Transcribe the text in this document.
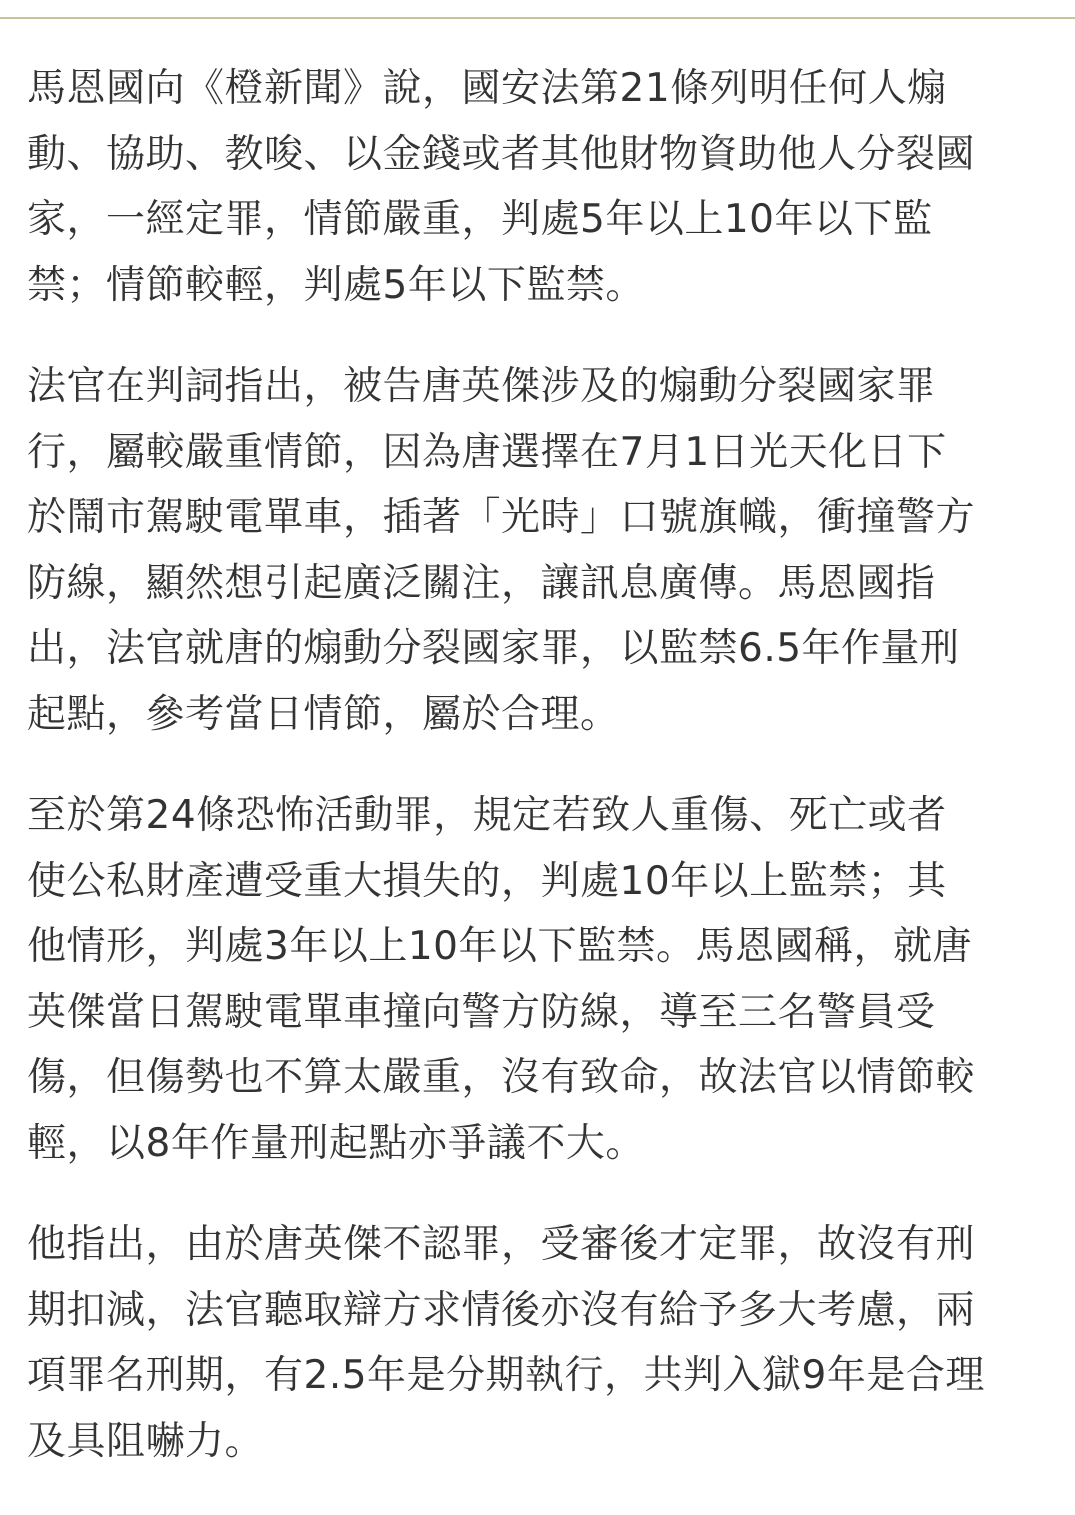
馬恩國向《橙新聞》說，國安法第21條列明任何人煽
動、協助、教唆、以金錢或者其他財物資助他人分裂國
家，一經定罪，情節嚴重，判處5年以上10年以下監
禁；情節較輕，判處5年以下監禁。

法官在判詞指出，被告唐英傑涉及的煽動分裂國家罪
行，屬較嚴重情節，因為唐選擇在7月1日光天化日下
於鬧市駕駛電單車，插著「光時」口號旗幟，衝撞警方
防線，顯然想引起廣泛關注，讓訊息廣傳。馬恩國指
出，法官就唐的煽動分裂國家罪，以監禁6.5年作量刑
起點，參考當日情節，屬於合理。

至於第24條恐怖活動罪，規定若致人重傷、死亡或者
使公私財產遭受重大損失的，判處10年以上監禁；其
他情形，判處3年以上10年以下監禁。馬恩國稱，就唐
英傑當日駕駛電單車撞向警方防線，導至三名警員受
傷，但傷勢也不算太嚴重，沒有致命，故法官以情節較
輕，以8年作量刑起點亦爭議不大。

他指出，由於唐英傑不認罪，受審後才定罪，故沒有刑
期扣減，法官聽取辯方求情後亦沒有給予多大考慮，兩
項罪名刑期，有2.5年是分期執行，共判入獄9年是合理
及具阻嚇力。
